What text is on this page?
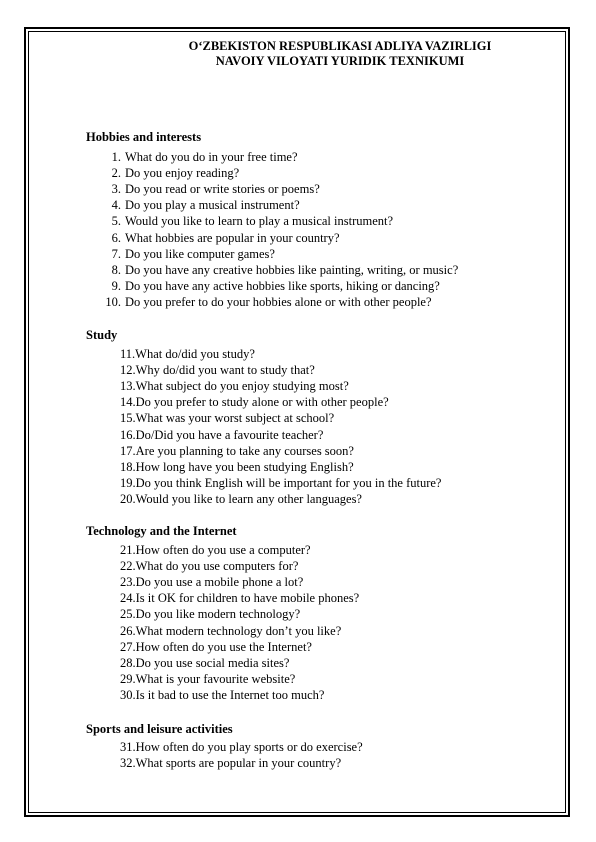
O‘ZBEKISTON RESPUBLIKASI ADLIYA VAZIRLIGI
NAVOIY VILOYATI YURIDIK TEXNIKUMI
Hobbies and interests
1. What do you do in your free time?
2. Do you enjoy reading?
3. Do you read or write stories or poems?
4. Do you play a musical instrument?
5. Would you like to learn to play a musical instrument?
6. What hobbies are popular in your country?
7. Do you like computer games?
8. Do you have any creative hobbies like painting, writing, or music?
9. Do you have any active hobbies like sports, hiking or dancing?
10. Do you prefer to do your hobbies alone or with other people?
Study
11.What do/did you study?
12.Why do/did you want to study that?
13.What subject do you enjoy studying most?
14.Do you prefer to study alone or with other people?
15.What was your worst subject at school?
16.Do/Did you have a favourite teacher?
17.Are you planning to take any courses soon?
18.How long have you been studying English?
19.Do you think English will be important for you in the future?
20.Would you like to learn any other languages?
Technology and the Internet
21.How often do you use a computer?
22.What do you use computers for?
23.Do you use a mobile phone a lot?
24.Is it OK for children to have mobile phones?
25.Do you like modern technology?
26.What modern technology don’t you like?
27.How often do you use the Internet?
28.Do you use social media sites?
29.What is your favourite website?
30.Is it bad to use the Internet too much?
Sports and leisure activities
31.How often do you play sports or do exercise?
32.What sports are popular in your country?
